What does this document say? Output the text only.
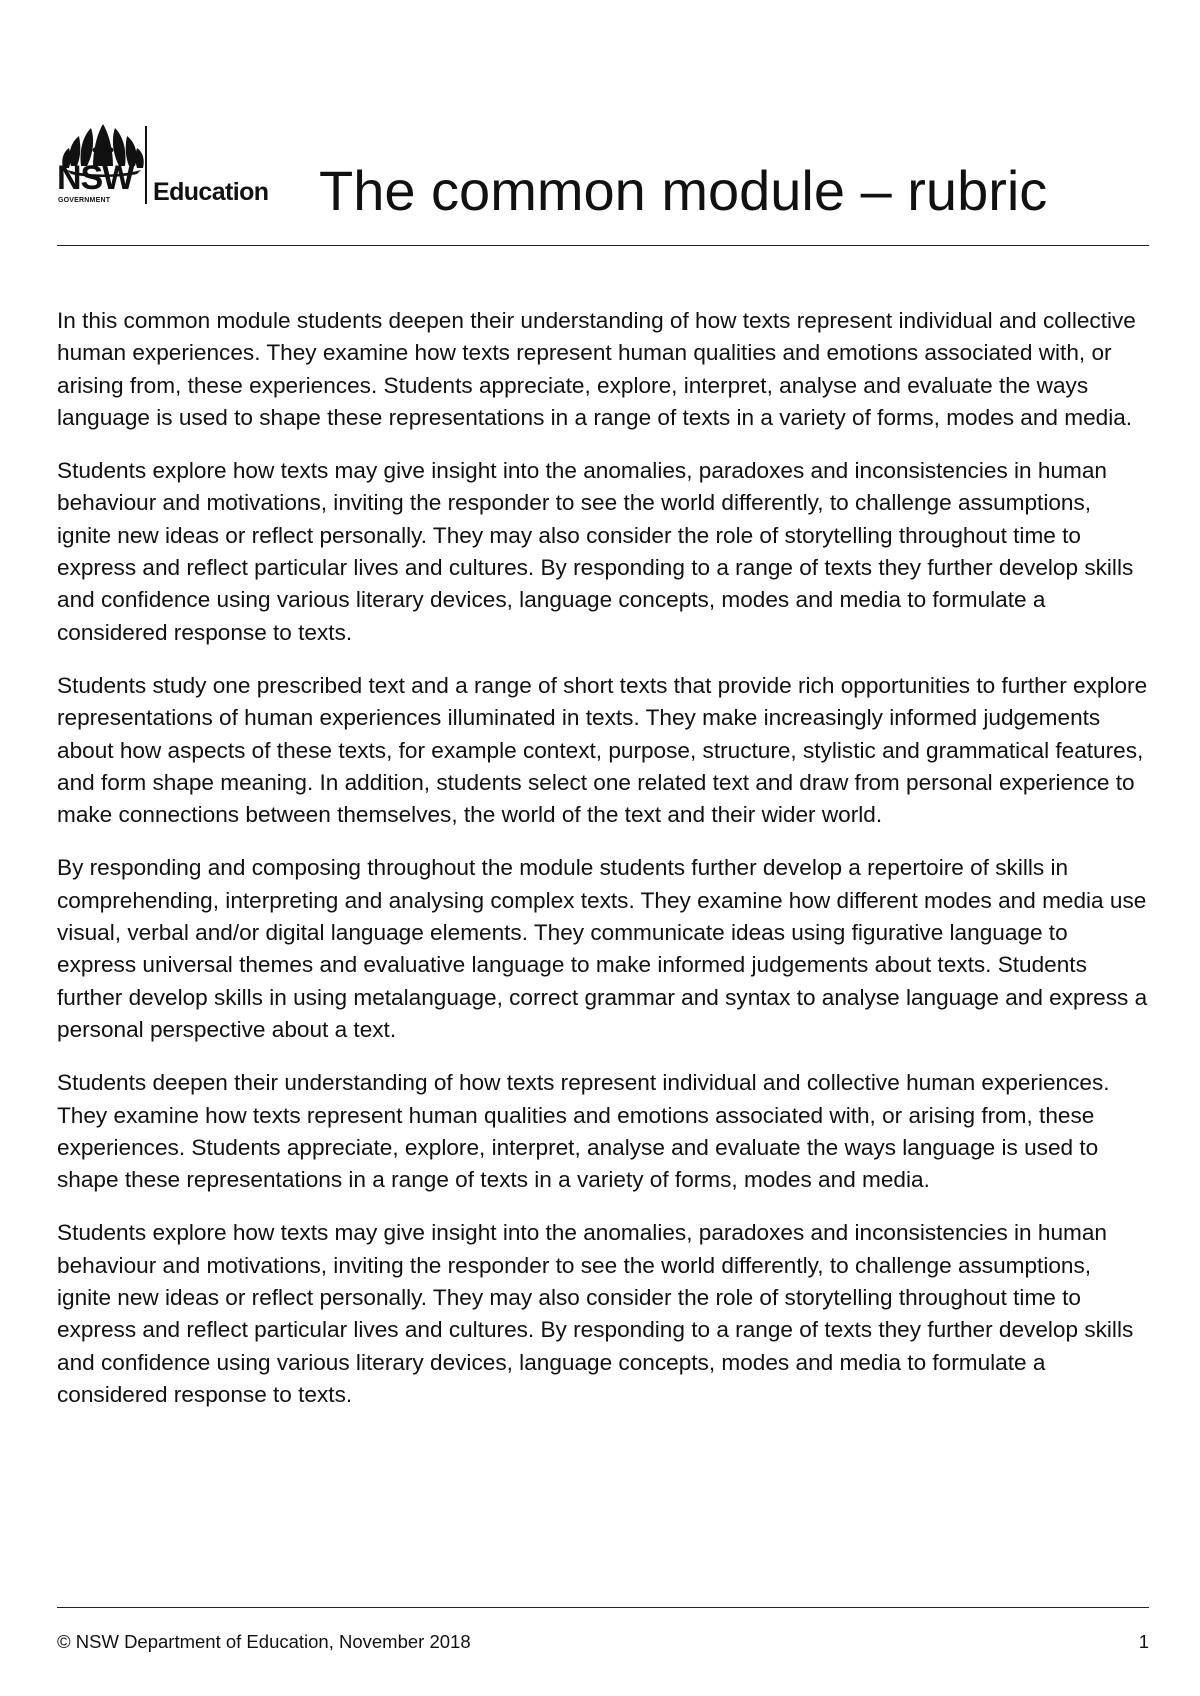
NSW
GOVERNMENT Education The common module – rubric

In this common module students deepen their understanding of how texts represent individual and collective human experiences. They examine how texts represent human qualities and emotions associated with, or arising from, these experiences. Students appreciate, explore, interpret, analyse and evaluate the ways language is used to shape these representations in a range of texts in a variety of forms, modes and media.

Students explore how texts may give insight into the anomalies, paradoxes and inconsistencies in human behaviour and motivations, inviting the responder to see the world differently, to challenge assumptions, ignite new ideas or reflect personally. They may also consider the role of storytelling throughout time to express and reflect particular lives and cultures. By responding to a range of texts they further develop skills and confidence using various literary devices, language concepts, modes and media to formulate a considered response to texts.

Students study one prescribed text and a range of short texts that provide rich opportunities to further explore representations of human experiences illuminated in texts. They make increasingly informed judgements about how aspects of these texts, for example context, purpose, structure, stylistic and grammatical features, and form shape meaning. In addition, students select one related text and draw from personal experience to make connections between themselves, the world of the text and their wider world.

By responding and composing throughout the module students further develop a repertoire of skills in comprehending, interpreting and analysing complex texts. They examine how different modes and media use visual, verbal and/or digital language elements. They communicate ideas using figurative language to express universal themes and evaluative language to make informed judgements about texts. Students further develop skills in using metalanguage, correct grammar and syntax to analyse language and express a personal perspective about a text.

Students deepen their understanding of how texts represent individual and collective human experiences. They examine how texts represent human qualities and emotions associated with, or arising from, these experiences. Students appreciate, explore, interpret, analyse and evaluate the ways language is used to shape these representations in a range of texts in a variety of forms, modes and media.

Students explore how texts may give insight into the anomalies, paradoxes and inconsistencies in human behaviour and motivations, inviting the responder to see the world differently, to challenge assumptions, ignite new ideas or reflect personally. They may also consider the role of storytelling throughout time to express and reflect particular lives and cultures. By responding to a range of texts they further develop skills and confidence using various literary devices, language concepts, modes and media to formulate a considered response to texts.

© NSW Department of Education, November 2018	1
